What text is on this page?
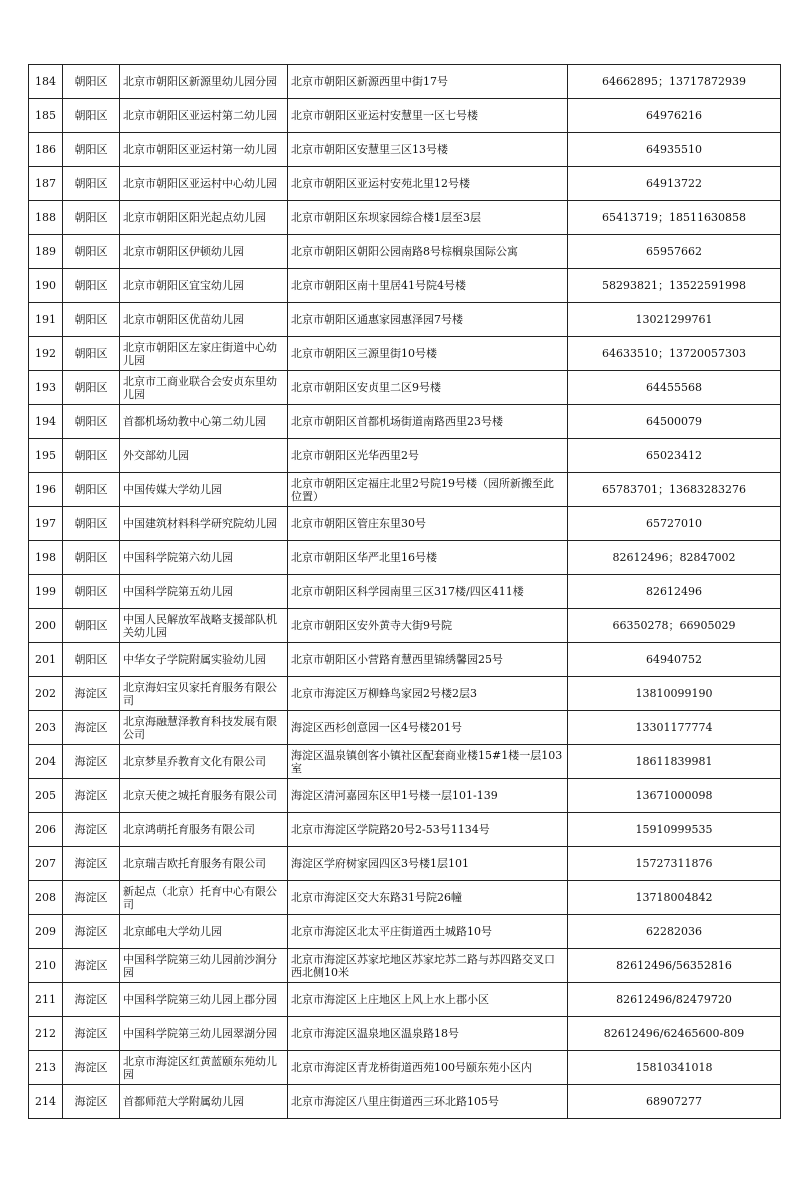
184	朝阳区	北京市朝阳区新源里幼儿园分园	北京市朝阳区新源西里中街17号	64662895；13717872939
185	朝阳区	北京市朝阳区亚运村第二幼儿园	北京市朝阳区亚运村安慧里一区七号楼	64976216
186	朝阳区	北京市朝阳区亚运村第一幼儿园	北京市朝阳区安慧里三区13号楼	64935510
187	朝阳区	北京市朝阳区亚运村中心幼儿园	北京市朝阳区亚运村安苑北里12号楼	64913722
188	朝阳区	北京市朝阳区阳光起点幼儿园	北京市朝阳区东坝家园综合楼1层至3层	65413719；18511630858
189	朝阳区	北京市朝阳区伊顿幼儿园	北京市朝阳区朝阳公园南路8号棕榈泉国际公寓	65957662
190	朝阳区	北京市朝阳区宜宝幼儿园	北京市朝阳区南十里居41号院4号楼	58293821；13522591998
191	朝阳区	北京市朝阳区优苗幼儿园	北京市朝阳区通惠家园惠泽园7号楼	13021299761
192	朝阳区	北京市朝阳区左家庄街道中心幼儿园	北京市朝阳区三源里街10号楼	64633510；13720057303
193	朝阳区	北京市工商业联合会安贞东里幼儿园	北京市朝阳区安贞里二区9号楼	64455568
194	朝阳区	首都机场幼教中心第二幼儿园	北京市朝阳区首都机场街道南路西里23号楼	64500079
195	朝阳区	外交部幼儿园	北京市朝阳区光华西里2号	65023412
196	朝阳区	中国传媒大学幼儿园	北京市朝阳区定福庄北里2号院19号楼（园所新搬至此位置）	65783701；13683283276
197	朝阳区	中国建筑材料科学研究院幼儿园	北京市朝阳区管庄东里30号	65727010
198	朝阳区	中国科学院第六幼儿园	北京市朝阳区华严北里16号楼	82612496；82847002
199	朝阳区	中国科学院第五幼儿园	北京市朝阳区科学园南里三区317楼/四区411楼	82612496
200	朝阳区	中国人民解放军战略支援部队机关幼儿园	北京市朝阳区安外黄寺大街9号院	66350278；66905029
201	朝阳区	中华女子学院附属实验幼儿园	北京市朝阳区小营路育慧西里锦绣馨园25号	64940752
202	海淀区	北京海妇宝贝家托育服务有限公司	北京市海淀区万柳蜂鸟家园2号楼2层3	13810099190
203	海淀区	北京海融慧泽教育科技发展有限公司	海淀区西杉创意园一区4号楼201号	13301177774
204	海淀区	北京梦星乔教育文化有限公司	海淀区温泉镇创客小镇社区配套商业楼15#1楼一层103室	18611839981
205	海淀区	北京天使之城托育服务有限公司	海淀区清河嘉园东区甲1号楼一层101-139	13671000098
206	海淀区	北京鸿萌托育服务有限公司	北京市海淀区学院路20号2-53号1134号	15910999535
207	海淀区	北京瑞吉欧托育服务有限公司	海淀区学府树家园四区3号楼1层101	15727311876
208	海淀区	新起点（北京）托育中心有限公司	北京市海淀区交大东路31号院26幢	13718004842
209	海淀区	北京邮电大学幼儿园	北京市海淀区北太平庄街道西土城路10号	62282036
210	海淀区	中国科学院第三幼儿园前沙涧分园	北京市海淀区苏家坨地区苏家坨苏二路与苏四路交叉口西北侧10米	82612496/56352816
211	海淀区	中国科学院第三幼儿园上郡分园	北京市海淀区上庄地区上风上水上郡小区	82612496/82479720
212	海淀区	中国科学院第三幼儿园翠湖分园	北京市海淀区温泉地区温泉路18号	82612496/62465600-809
213	海淀区	北京市海淀区红黄蓝颐东苑幼儿园	北京市海淀区青龙桥街道西苑100号颐东苑小区内	15810341018
214	海淀区	首都师范大学附属幼儿园	北京市海淀区八里庄街道西三环北路105号	68907277
